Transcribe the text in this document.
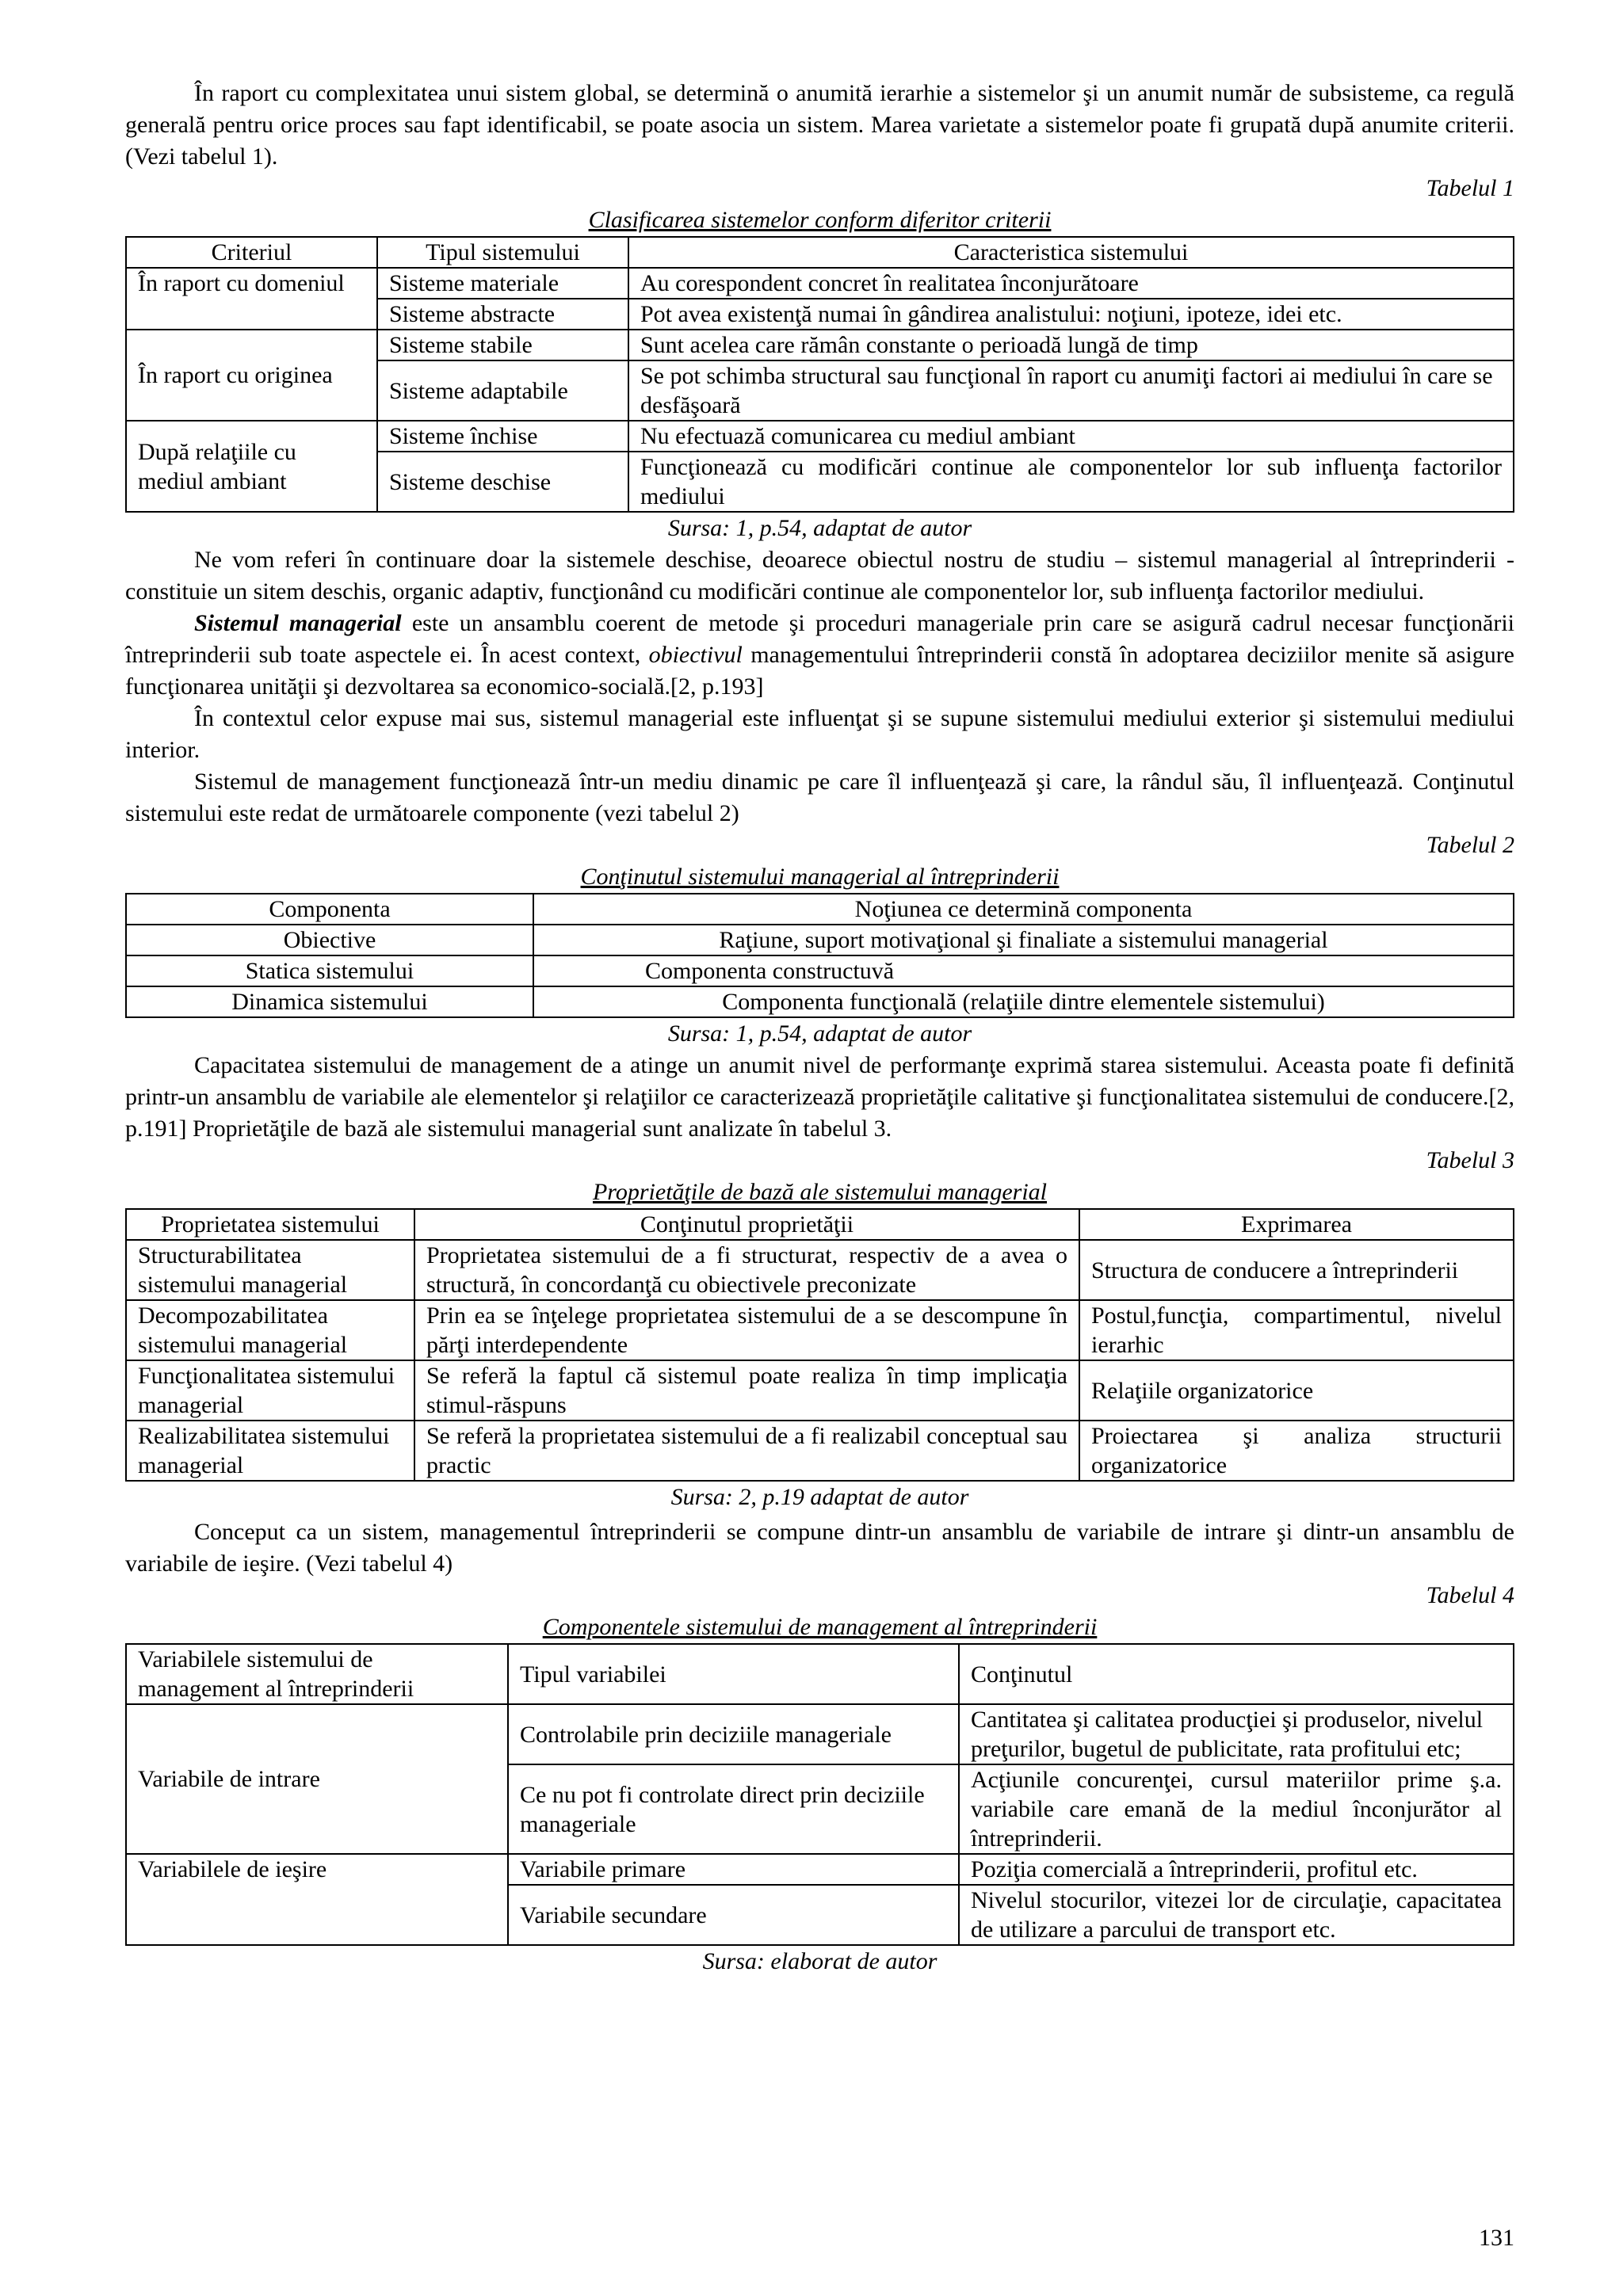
În raport cu complexitatea unui sistem global, se determină o anumită ierarhie a sistemelor şi un anumit număr de subsisteme, ca regulă generală pentru orice proces sau fapt identificabil, se poate asocia un sistem. Marea varietate a sistemelor poate fi grupată după anumite criterii. (Vezi tabelul 1).

Tabelul 1
Clasificarea sistemelor conform diferitor criterii
Criteriul	Tipul sistemului	Caracteristica sistemului
În raport cu domeniul	Sisteme materiale	Au corespondent concret în realitatea înconjurătoare
	Sisteme abstracte	Pot avea existenţă numai în gândirea analistului: noţiuni, ipoteze, idei etc.
În raport cu originea	Sisteme stabile	Sunt acelea care rămân constante o perioadă lungă de timp
	Sisteme adaptabile	Se pot schimba structural sau funcţional în raport cu anumiţi factori ai mediului în care se desfăşoară
După relaţiile cu mediul ambiant	Sisteme închise	Nu efectuază comunicarea cu mediul ambiant
	Sisteme deschise	Funcţionează cu modificări continue ale componentelor lor sub influenţa factorilor mediului
Sursa: 1, p.54, adaptat de autor

Ne vom referi în continuare doar la sistemele deschise, deoarece obiectul nostru de studiu – sistemul managerial al întreprinderii - constituie un sitem deschis, organic adaptiv, funcţionând cu modificări continue ale componentelor lor, sub influenţa factorilor mediului.

Sistemul managerial este un ansamblu coerent de metode şi proceduri manageriale prin care se asigură cadrul necesar funcţionării întreprinderii sub toate aspectele ei. În acest context, obiectivul managementului întreprinderii constă în adoptarea deciziilor menite să asigure funcţionarea unităţii şi dezvoltarea sa economico-socială.[2, p.193]

În contextul celor expuse mai sus, sistemul managerial este influenţat şi se supune sistemului mediului exterior şi sistemului mediului interior.

Sistemul de management funcţionează într-un mediu dinamic pe care îl influenţează şi care, la rândul său, îl influenţează. Conţinutul sistemului este redat de următoarele componente (vezi tabelul 2)

Tabelul 2
Conţinutul sistemului managerial al întreprinderii
Componenta	Noţiunea ce determină componenta
Obiective	Raţiune, suport motivaţional şi finaliate a sistemului managerial
Statica sistemului	Componenta constructuvă
Dinamica sistemului	Componenta funcţională (relaţiile dintre elementele sistemului)
Sursa: 1, p.54, adaptat de autor

Capacitatea sistemului de management de a atinge un anumit nivel de performanţe exprimă starea sistemului. Aceasta poate fi definită printr-un ansamblu de variabile ale elementelor şi relaţiilor ce caracterizează proprietăţile calitative şi funcţionalitatea sistemului de conducere.[2, p.191] Proprietăţile de bază ale sistemului managerial sunt analizate în tabelul 3.

Tabelul 3
Proprietăţile de bază ale sistemului managerial
Proprietatea sistemului	Conţinutul proprietăţii	Exprimarea
Structurabilitatea sistemului managerial	Proprietatea sistemului de a fi structurat, respectiv de a avea o structură, în concordanţă cu obiectivele preconizate	Structura de conducere a întreprinderii
Decompozabilitatea sistemului managerial	Prin ea se înţelege proprietatea sistemului de a se descompune în părţi interdependente	Postul,funcţia, compartimentul, nivelul ierarhic
Funcţionalitatea sistemului managerial	Se referă la faptul că sistemul poate realiza în timp implicaţia stimul-răspuns	Relaţiile organizatorice
Realizabilitatea sistemului managerial	Se referă la proprietatea sistemului de a fi realizabil conceptual sau practic	Proiectarea şi analiza structurii organizatorice
Sursa: 2, p.19 adaptat de autor

Conceput ca un sistem, managementul întreprinderii se compune dintr-un ansamblu de variabile de intrare şi dintr-un ansamblu de variabile de ieşire. (Vezi tabelul 4)

Tabelul 4
Componentele sistemului de management al întreprinderii
Variabilele sistemului de management al întreprinderii	Tipul variabilei	Conţinutul
Variabile de intrare	Controlabile prin deciziile manageriale	Cantitatea şi calitatea producţiei şi produselor, nivelul preţurilor, bugetul de publicitate, rata profitului etc;
	Ce nu pot fi controlate direct prin deciziile manageriale	Acţiunile concurenţei, cursul materiilor prime ş.a. variabile care emană de la mediul înconjurător al întreprinderii.
Variabilele de ieşire	Variabile primare	Poziţia comercială a întreprinderii, profitul etc.
	Variabile secundare	Nivelul stocurilor, vitezei lor de circulaţie, capacitatea de utilizare a parcului de transport etc.
Sursa: elaborat de autor
131
